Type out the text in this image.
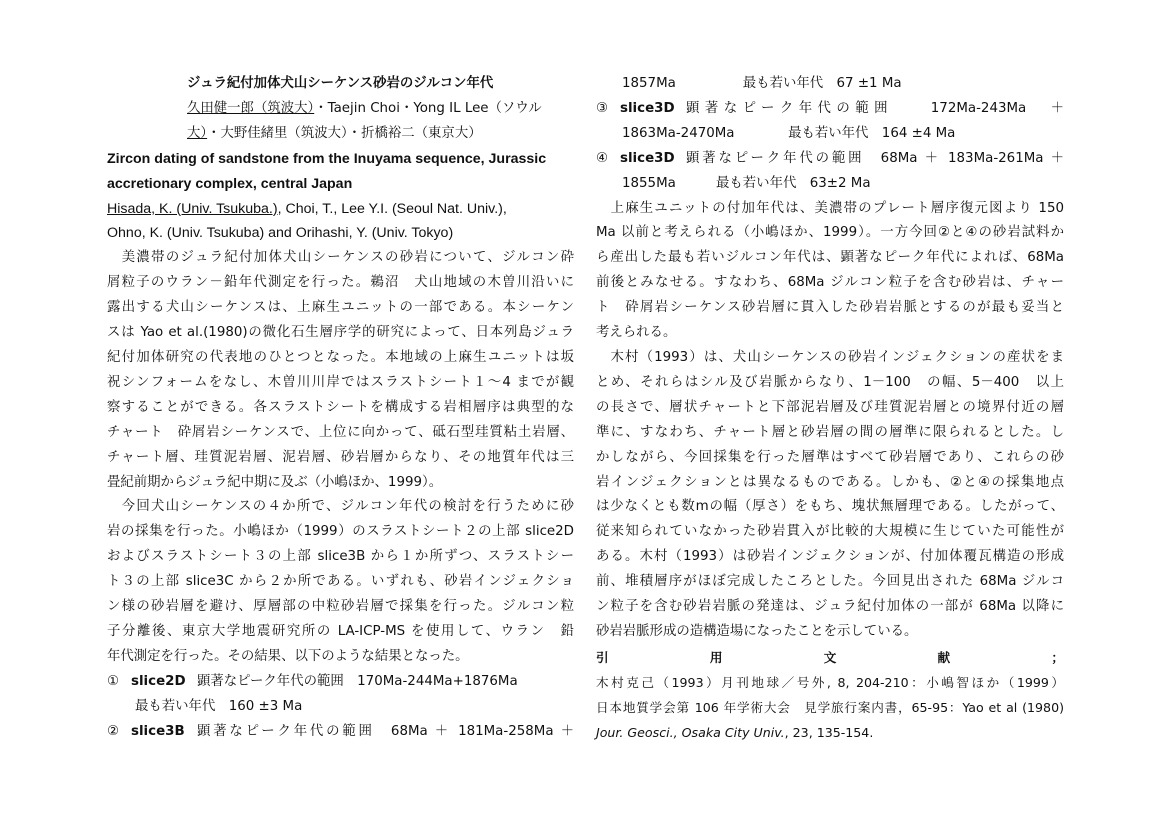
ジュラ紀付加体犬山シーケンス砂岩のジルコン年代

久田健一郎（筑波大）・Taejin Choi・Yong IL Lee（ソウル

大）・大野佳緒里（筑波大）・折橋裕二（東京大）

Zircon dating of sandstone from the Inuyama sequence, Jurassic

accretionary complex, central Japan

Hisada, K. (Univ. Tsukuba.), Choi, T., Lee Y.I. (Seoul Nat. Univ.),

Ohno, K. (Univ. Tsukuba) and Orihashi, Y. (Univ. Tokyo)

　美濃帯のジュラ紀付加体犬山シーケンスの砂岩について、ジルコン砕

屑粒子のウラン－鉛年代測定を行った。鵜沼　犬山地域の木曽川沿いに

露出する犬山シーケンスは、上麻生ユニットの一部である。本シーケン

スは Yao et al.(1980)の微化石生層序学的研究によって、日本列島ジュラ

紀付加体研究の代表地のひとつとなった。本地域の上麻生ユニットは坂

祝シンフォームをなし、木曽川川岸ではスラストシート１〜4 までが観

察することができる。各スラストシートを構成する岩相層序は典型的な

チャート　砕屑岩シーケンスで、上位に向かって、砥石型珪質粘土岩層、

チャート層、珪質泥岩層、泥岩層、砂岩層からなり、その地質年代は三

畳紀前期からジュラ紀中期に及ぶ（小嶋ほか、1999）。

　今回犬山シーケンスの４か所で、ジルコン年代の検討を行うために砂

岩の採集を行った。小嶋ほか（1999）のスラストシート２の上部 slice2D

およびスラストシート３の上部 slice3B から１か所ずつ、スラストシー

ト３の上部 slice3C から２か所である。いずれも、砂岩インジェクショ

ン様の砂岩層を避け、厚層部の中粒砂岩層で採集を行った。ジルコン粒

子分離後、東京大学地震研究所の LA-ICP-MS を使用して、ウラン　鉛

年代測定を行った。その結果、以下のような結果となった。

① slice2D 顕著なピーク年代の範囲　170Ma-244Ma+1876Ma

最も若い年代　160 ±3 Ma

② slice3B 顕著なピーク年代の範囲　68Ma ＋ 181Ma-258Ma ＋

1857Ma　　　　　最も若い年代　67 ±1 Ma

③ slice3D 顕著なピーク年代の範囲　　172Ma-243Ma　＋

1863Ma-2470Ma　　　　最も若い年代　164 ±4 Ma

④ slice3D 顕著なピーク年代の範囲　68Ma ＋ 183Ma-261Ma ＋

1855Ma　　　最も若い年代　63±2 Ma

　上麻生ユニットの付加年代は、美濃帯のプレート層序復元図より 150

Ma 以前と考えられる（小嶋ほか、1999）。一方今回②と④の砂岩試料か

ら産出した最も若いジルコン年代は、顕著なピーク年代によれば、68Ma

前後とみなせる。すなわち、68Ma ジルコン粒子を含む砂岩は、チャー

ト　砕屑岩シーケンス砂岩層に貫入した砂岩岩脈とするのが最も妥当と

考えられる。

　木村（1993）は、犬山シーケンスの砂岩インジェクションの産状をま

とめ、それらはシル及び岩脈からなり、1－100　の幅、5－400　以上

の長さで、層状チャートと下部泥岩層及び珪質泥岩層との境界付近の層

準に、すなわち、チャート層と砂岩層の間の層準に限られるとした。し

かしながら、今回採集を行った層準はすべて砂岩層であり、これらの砂

岩インジェクションとは異なるものである。しかも、②と④の採集地点

は少なくとも数mの幅（厚さ）をもち、塊状無層理である。したがって、

従来知られていなかった砂岩貫入が比較的大規模に生じていた可能性が

ある。木村（1993）は砂岩インジェクションが、付加体覆瓦構造の形成

前、堆積層序がほぼ完成したころとした。今回見出された 68Ma ジルコ

ン粒子を含む砂岩岩脈の発達は、ジュラ紀付加体の一部が 68Ma 以降に

砂岩岩脈形成の造構造場になったことを示している。

引用文献；木村克己（1993）月刊地球／号外, 8, 204-210：小嶋智ほか（1999）

日本地質学会第 106 年学術大会　見学旅行案内書，65-95：Yao et al (1980)

Jour. Geosci., Osaka City Univ., 23, 135-154.
